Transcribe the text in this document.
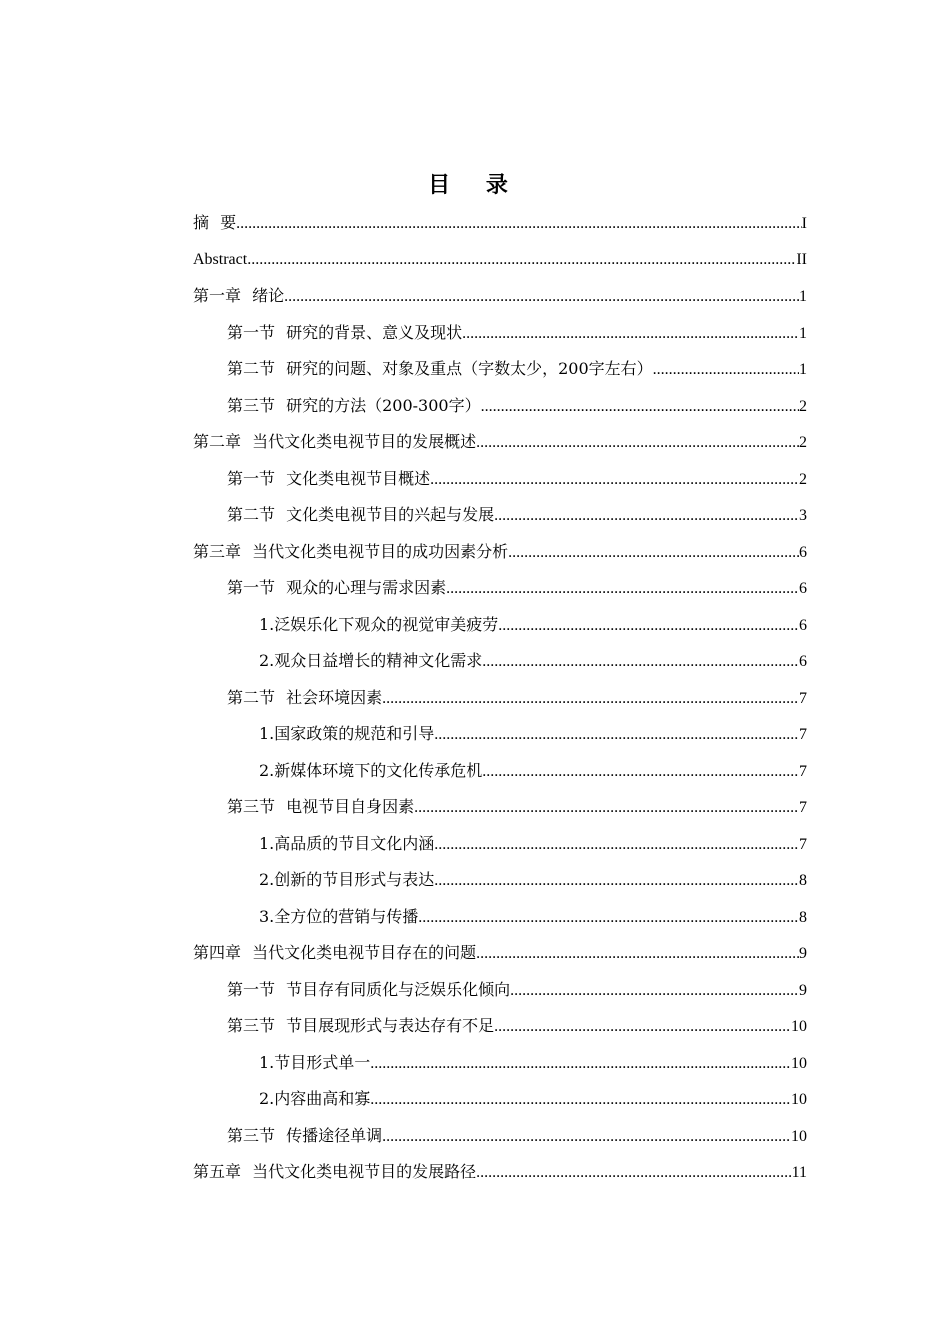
目 录
摘 要 .....	I
Abstract .....	II
第一章 绪论 .....	1
第一节 研究的背景、意义及现状 .....	1
第二节 研究的问题、对象及重点（字数太少，200字左右） .....	1
第三节 研究的方法（200-300字） .....	2
第二章 当代文化类电视节目的发展概述 .....	2
第一节 文化类电视节目概述 .....	2
第二节 文化类电视节目的兴起与发展 .....	3
第三章 当代文化类电视节目的成功因素分析 .....	6
第一节 观众的心理与需求因素 .....	6
1.泛娱乐化下观众的视觉审美疲劳 .....	6
2.观众日益增长的精神文化需求 .....	6
第二节 社会环境因素 .....	7
1.国家政策的规范和引导 .....	7
2.新媒体环境下的文化传承危机 .....	7
第三节 电视节目自身因素 .....	7
1.高品质的节目文化内涵 .....	7
2.创新的节目形式与表达 .....	8
3.全方位的营销与传播 .....	8
第四章 当代文化类电视节目存在的问题 .....	9
第一节 节目存有同质化与泛娱乐化倾向 .....	9
第三节 节目展现形式与表达存有不足 .....	10
1.节目形式单一 .....	10
2.内容曲高和寡 .....	10
第三节 传播途径单调 .....	10
第五章 当代文化类电视节目的发展路径 .....	11
